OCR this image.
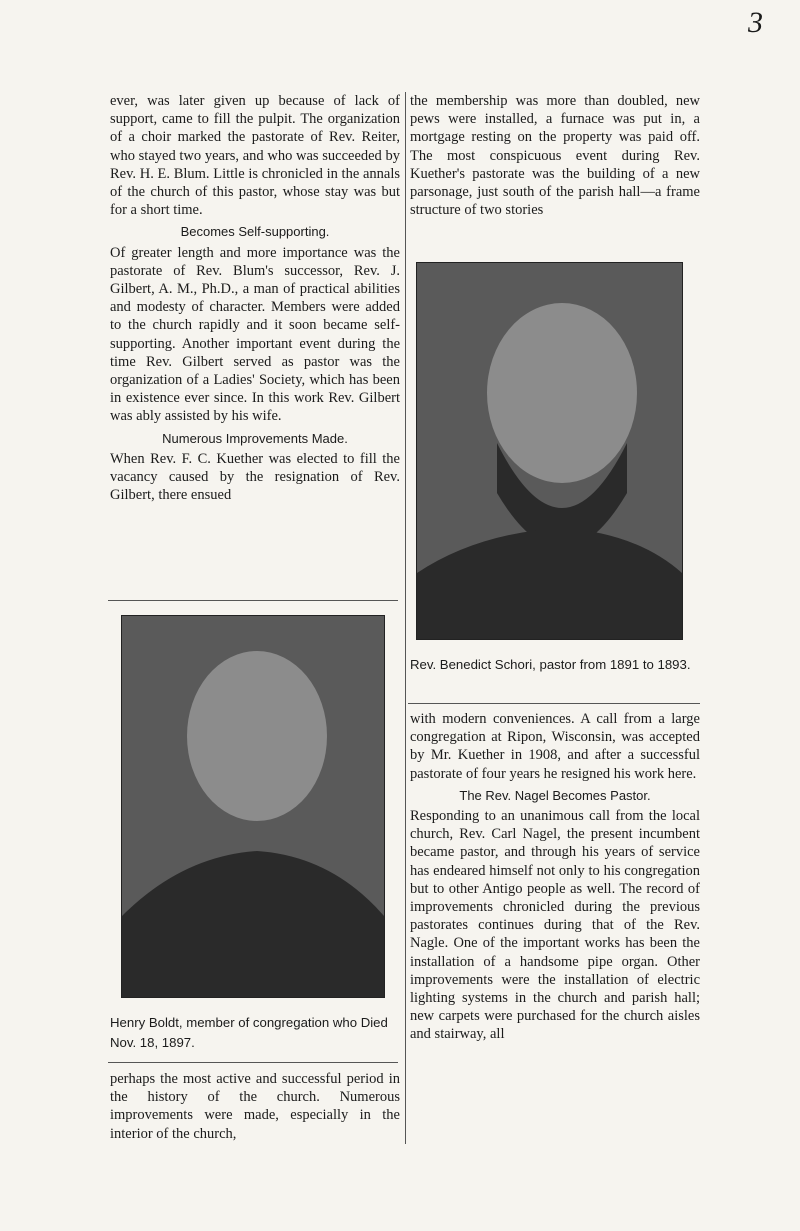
3

ever, was later given up because of lack of support, came to fill the pulpit. The organization of a choir marked the pastorate of Rev. Reiter, who stayed two years, and who was succeeded by Rev. H. E. Blum. Little is chronicled in the annals of the church of this pastor, whose stay was but for a short time.

Becomes Self-supporting.

Of greater length and more importance was the pastorate of Rev. Blum's successor, Rev. J. Gilbert, A. M., Ph.D., a man of practical abilities and modesty of character. Members were added to the church rapidly and it soon became self-supporting. Another important event during the time Rev. Gilbert served as pastor was the organization of a Ladies' Society, which has been in existence ever since. In this work Rev. Gilbert was ably assisted by his wife.

Numerous Improvements Made.

When Rev. F. C. Kuether was elected to fill the vacancy caused by the resignation of Rev. Gilbert, there ensued

Henry Boldt, member of congregation who Died Nov. 18, 1897.

perhaps the most active and successful period in the history of the church. Numerous improvements were made, especially in the interior of the church,

the membership was more than doubled, new pews were installed, a furnace was put in, a mortgage resting on the property was paid off. The most conspicuous event during Rev. Kuether's pastorate was the building of a new parsonage, just south of the parish hall—a frame structure of two stories

Rev. Benedict Schori, pastor from 1891 to 1893.

with modern conveniences. A call from a large congregation at Ripon, Wisconsin, was accepted by Mr. Kuether in 1908, and after a successful pastorate of four years he resigned his work here.

The Rev. Nagel Becomes Pastor.

Responding to an unanimous call from the local church, Rev. Carl Nagel, the present incumbent became pastor, and through his years of service has endeared himself not only to his congregation but to other Antigo people as well. The record of improvements chronicled during the previous pastorates continues during that of the Rev. Nagle. One of the important works has been the installation of a handsome pipe organ. Other improvements were the installation of electric lighting systems in the church and parish hall; new carpets were purchased for the church aisles and stairway, all
